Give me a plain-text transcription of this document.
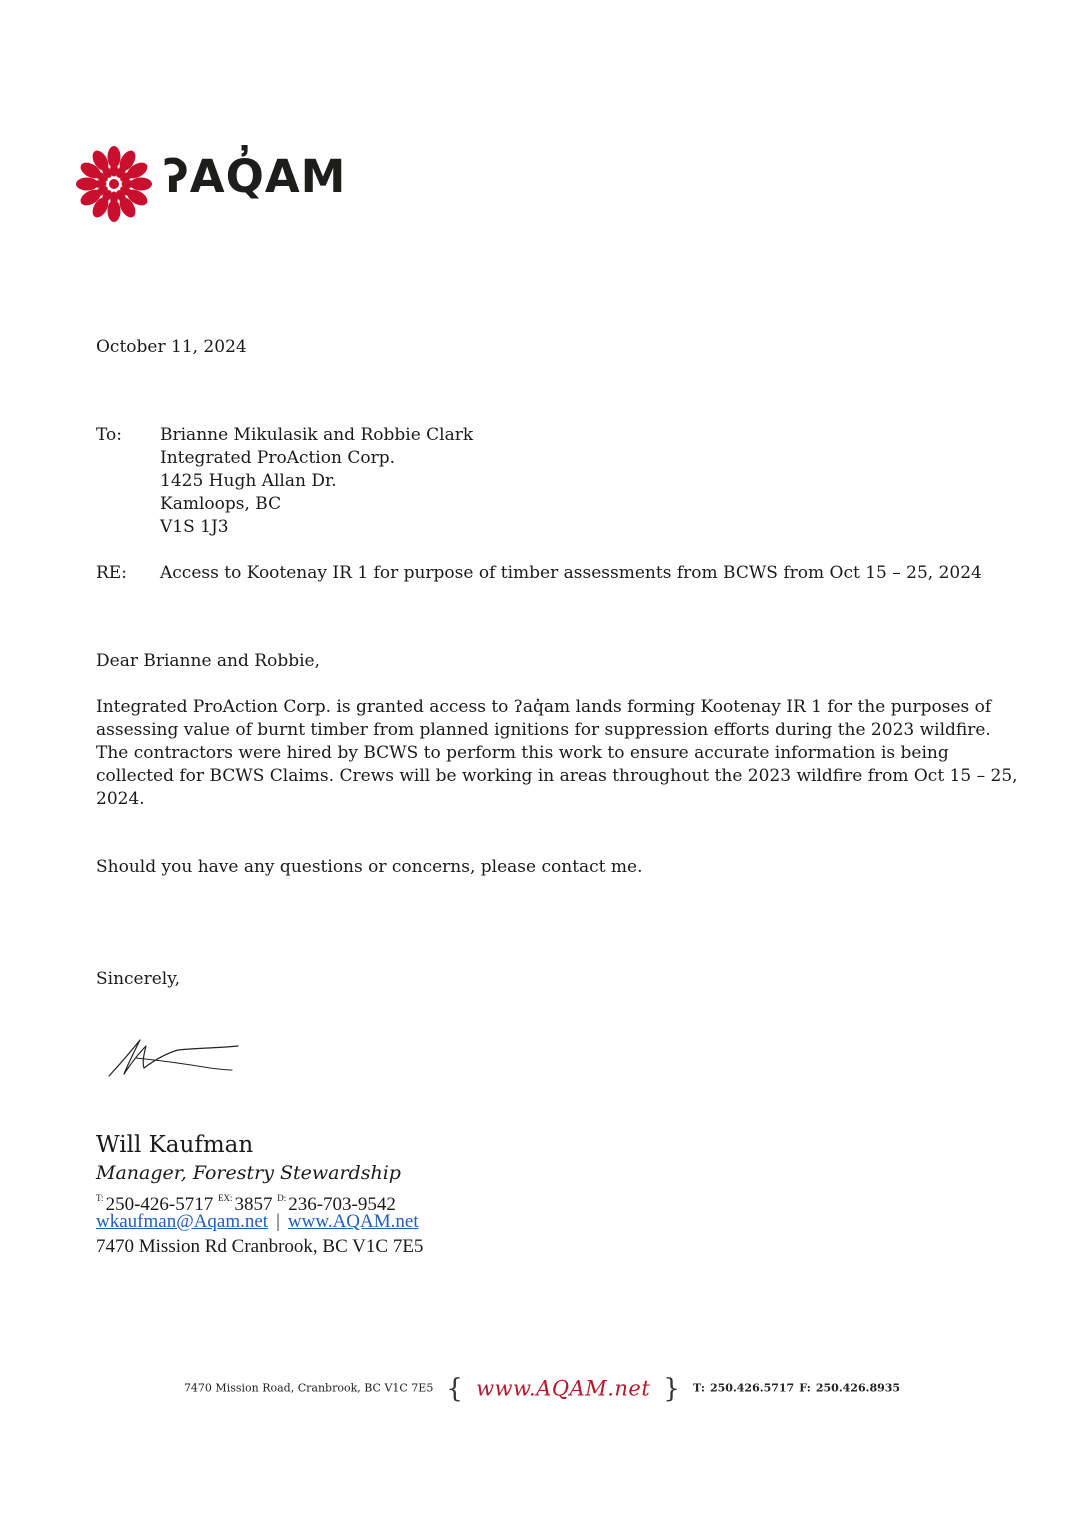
ʔAQ̓AM
October 11, 2024
To: Brianne Mikulasik and Robbie Clark
Integrated ProAction Corp.
1425 Hugh Allan Dr.
Kamloops, BC
V1S 1J3
RE: Access to Kootenay IR 1 for purpose of timber assessments from BCWS from Oct 15 – 25, 2024
Dear Brianne and Robbie,
Integrated ProAction Corp. is granted access to ʔaq̓am lands forming Kootenay IR 1 for the purposes of
assessing value of burnt timber from planned ignitions for suppression efforts during the 2023 wildfire.
The contractors were hired by BCWS to perform this work to ensure accurate information is being
collected for BCWS Claims. Crews will be working in areas throughout the 2023 wildfire from Oct 15 – 25,
2024.
Should you have any questions or concerns, please contact me.
Sincerely,
Will Kaufman
Manager, Forestry Stewardship
$^{T:}$ 250-426-5717 $^{EX:}$ 3857 $^{D:}$ 236-703-9542
wkaufman@Aqam.net | www.AQAM.net
7470 Mission Rd Cranbrook, BC V1C 7E5
7470 Mission Road, Cranbrook, BC V1C 7E5 { www.AQAM.net } T: 250.426.5717 F: 250.426.8935
